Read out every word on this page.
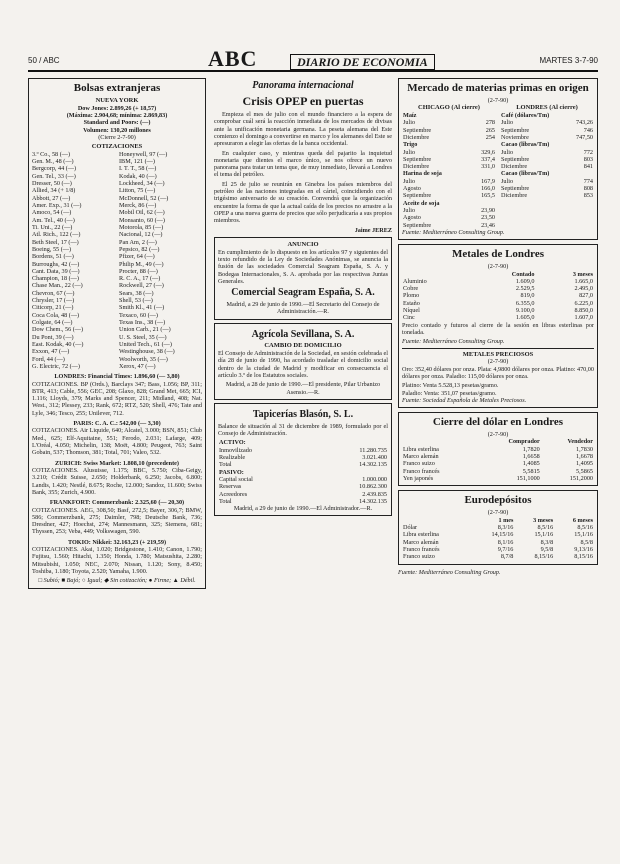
50 / ABC	ABC	DIARIO DE ECONOMIA	MARTES 3-7-90
Bolsas extranjeras
NUEVA YORK
Dow Jones: 2.899,26 (+ 18,57)
(Máxima: 2.904,68; mínima: 2.869,83)
Standard and Poors: (—)
Volumen: 130,20 millones
(Cierre 2-7-90)
COTIZACIONES
3.º Co., 58 (—)
Gen. M., 48 (—)
Bergcorp, 44 (—)
Gen. Tel., 33 (—)
Dresser, 50 (—)
Allied, 34 (+ 1/8)
Abbott, 27 (—)
Amer. Exp., 31 (—)
Amoco, 54 (—)
Am. Tel., 40 (—)
Ti. Uni., 22 (—)
Atl. Rich., 122 (—)
Beth Steel, 17 (—)
Boeing, 55 (—)
Bordens, 51 (—)
Burroughs, 42 (—)
Cant. Data, 39 (—)
Champion, 18 (—)
Chase Man., 22 (—)
Chevron, 67 (—)
Chrysler, 17 (—)
Citicorp, 21 (—)
Coca Cola, 48 (—)
Colgate, 64 (—)
Dow Chem., 56 (—)
Du Pont, 39 (—)
East. Kodak, 40 (—)
Exxon, 47 (—)
Ford, 44 (—)
G. Electric, 72 (—)
Honeywell, 97 (—)
IBM, 121 (—)
I. T. T., 58 (—)
Kodak, 40 (—)
Lockheed, 34 (—)
Litton, 75 (—)
McDonnell, 52 (—)
Merck, 86 (—)
Mobil Oil, 62 (—)
Monsanto, 60 (—)
Motorola, 85 (—)
Nacional, 12 (—)
Pan Am, 2 (—)
Pepsico, 82 (—)
Pfizer, 64 (—)
Philip M., 49 (—)
Procter, 88 (—)
R. C. A., 17 (—)
Rockwell, 27 (—)
Sears, 38 (—)
Shell, 53 (—)
Smith Kl., 41 (—)
Texaco, 60 (—)
Texas Ins., 38 (—)
Union Carb., 21 (—)
U. S. Steel, 35 (—)
United Tech., 61 (—)
Westinghouse, 38 (—)
Woolworth, 35 (—)
Xerox, 47 (—)
LONDRES: Financial Times: 1.896,60 (— 3,80)
COTIZACIONES. BP (Ords.), Barclays 347; Bass, 1.056; BP, 311; BTR, 413; Cable, 556; GEC, 208; Glaxo, 828; Grand Met, 665; ICI, 1.116; Lloyds, 379; Marks and Spencer, 211; Midland, 408; Nat. West., 312; Plessey, 233; Rank, 672; RTZ, 520; Shell, 476; Tate and Lyle, 346; Tesco, 255; Unilever, 712.
PARIS: C. A. C.: 542,00 (— 3,30)
COTIZACIONES. Air Liquide, 640; Alcatel, 3.000; BSN, 851; Club Med., 625; Elf-Aquitaine, 551; Ferodo, 2.031; Lafarge, 409; L'Oréal, 4.050; Michelin, 138; Moët, 4.800; Peugeot, 763; Saint Gobain, 537; Thomson, 381; Total, 701; Valeo, 532.
ZURICH: Swiss Market: 1.808,10 (precedente)
COTIZACIONES. Alusuisse, 1.175; BBC, 5.750; Ciba-Geigy, 3.210; Crédit Suisse, 2.650; Holderbank, 6.250; Jacobs, 6.800; Landis, 1.420; Nestlé, 8.675; Roche, 12.000; Sandoz, 11.600; Swiss Bank, 355; Zurich, 4.900.
FRANKFORT: Commerzbank: 2.325,60 (— 20,30)
COTIZACIONES. AEG, 308,50; Basf, 272,5; Bayer, 306,7; BMW, 586; Commerzbank, 275; Daimler, 798; Deutsche Bank, 736; Dresdner, 427; Hoechst, 274; Mannesmann, 325; Siemens, 681; Thyssen, 253; Veba, 449; Volkswagen, 590.
TOKIO: Nikkei: 32.163,23 (+ 219,59)
COTIZACIONES. Akai, 1.020; Bridgestone, 1.410; Canon, 1.790; Fujitsu, 1.560; Hitachi, 1.350; Honda, 1.780; Matsushita, 2.280; Mitsubishi, 1.050; NEC, 2.070; Nissan, 1.120; Sony, 8.450; Toshiba, 1.180; Toyota, 2.520; Yamaha, 1.900.
□ Subió; ■ Bajó; ○ Igual; ◆ Sin cotización; ● Firme; ▲ Débil.
Panorama internacional
Crisis OPEP en puertas

Empieza el mes de julio con el mundo financiero a la espera de comprobar cuál será la reacción inmediata de los mercados de divisas ante la unificación monetaria germana. La peseta alemana del Este comienzo el domingo a convertirse en marco y los alemanes del Este se apresuraron a elegir las ofertas de la banca occidental.

En cualquier caso, y mientras queda del pajarito la inquietud monetaria que dientes el marco único, se nos ofrece un nuevo panorama para tratar un tema que, de muy inmediato, llevará a Londres el tema del petróleo.

El 25 de julio se reunirán en Ginebra los países miembros del petróleo de las naciones integradas en el cártel, coincidiendo con el trigésimo aniversario de su creación. Convendrá que la organización encuentre la forma de que la actual caída de los precios no arrastre a la OPEP a una nueva guerra de precios que sólo perjudicaría a sus propios miembros.

Jaime JEREZ
ANUNCIO
En cumplimiento de lo dispuesto en los artículos 97 y siguientes del texto refundido de la Ley de Sociedades Anónimas, se anuncia la fusión de las sociedades Comercial Seagram España, S. A. y Bodegas Internacionales, S. A. aprobada por las respectivas Juntas Generales.
Comercial Seagram España, S. A.
Madrid, a 29 de junio de 1990.—El Secretario del Consejo de Administración.—R.
Agrícola Sevillana, S. A.
CAMBIO DE DOMICILIO
El Consejo de Administración de la Sociedad, en sesión celebrada el día 28 de junio de 1990, ha acordado trasladar el domicilio social dentro de la ciudad de Madrid y modificar en consecuencia el artículo 3.º de los Estatutos sociales.
Madrid, a 28 de junio de 1990.—El presidente, Pilar Urbanizo Asensio.—R.
Tapicerías Blasón, S. L.
Balance de situación al 31 de diciembre de 1989, formulado por el Consejo de Administración.
ACTIVO:	
Inmovilizado	11.280.735
Realizable	3.021.400
Total	14.302.135
PASIVO:	
Capital social	1.000.000
Reservas	10.862.300
Acreedores	2.439.835
Total	14.302.135
Madrid, a 29 de junio de 1990.—El Administrador.—R.
Mercado de materias primas en origen
(2-7-90)
CHICAGO (Al cierre)
Maíz	
Julio	278
Septiembre	265
Diciembre	254
Trigo	
Julio	329,6
Septiembre	337,4
Diciembre	331,0
Harina de soja	
Julio	167,9
Agosto	166,0
Septiembre	165,5
Aceite de soja	
Julio	23,90
Agosto	23,50
Septiembre	23,46
LONDRES (Al cierre)
Café (dólares/Tm)	
Julio	743,26
Septiembre	746
Noviembre	747,50
Cacao (libras/Tm)	
Julio	772
Septiembre	803
Diciembre	841
Cacao (libras/Tm)	
Julio	774
Septiembre	808
Diciembre	853
Fuente: Mediterráneo Consulting Group.
Metales de Londres
(2-7-90)
	Contado	3 meses
Aluminio	1.609,0	1.665,0
Cobre	2.529,5	2.495,0
Plomo	819,0	827,0
Estaño	6.355,0	6.225,0
Níquel	9.100,0	8.850,0
Cinc	1.605,0	1.607,0
Precio contado y futuros al cierre de la sesión en libras esterlinas por tonelada.
Fuente: Mediterráneo Consulting Group.
METALES PRECIOSOS
(2-7-90)
Oro: 352,40 dólares por onza. Plata: 4,9800 dólares por onza. Platino: 470,00 dólares por onza. Paladio: 115,00 dólares por onza.
Platino: Venta 5.528,13 pesetas/gramo.
Paladio: Venta: 351,07 pesetas/gramo.
Fuente: Sociedad Española de Metales Preciosos.
Cierre del dólar en Londres
(2-7-90)
	Comprador	Vendedor
Libra esterlina	1,7820	1,7830
Marco alemán	1,6658	1,6678
Franco suizo	1,4085	1,4095
Franco francés	5,5815	5,5865
Yen japonés	151,1000	151,2000
Eurodepósitos
(2-7-90)
	1 mes	3 meses	6 meses
Dólar	8,3/16	8,5/16	8,5/16
Libra esterlina	14,15/16	15,1/16	15,1/16
Marco alemán	8,1/16	8,3/8	8,5/8
Franco francés	9,7/16	9,5/8	9,13/16
Franco suizo	8,7/8	8,15/16	8,15/16
Fuente: Mediterráneo Consulting Group.
